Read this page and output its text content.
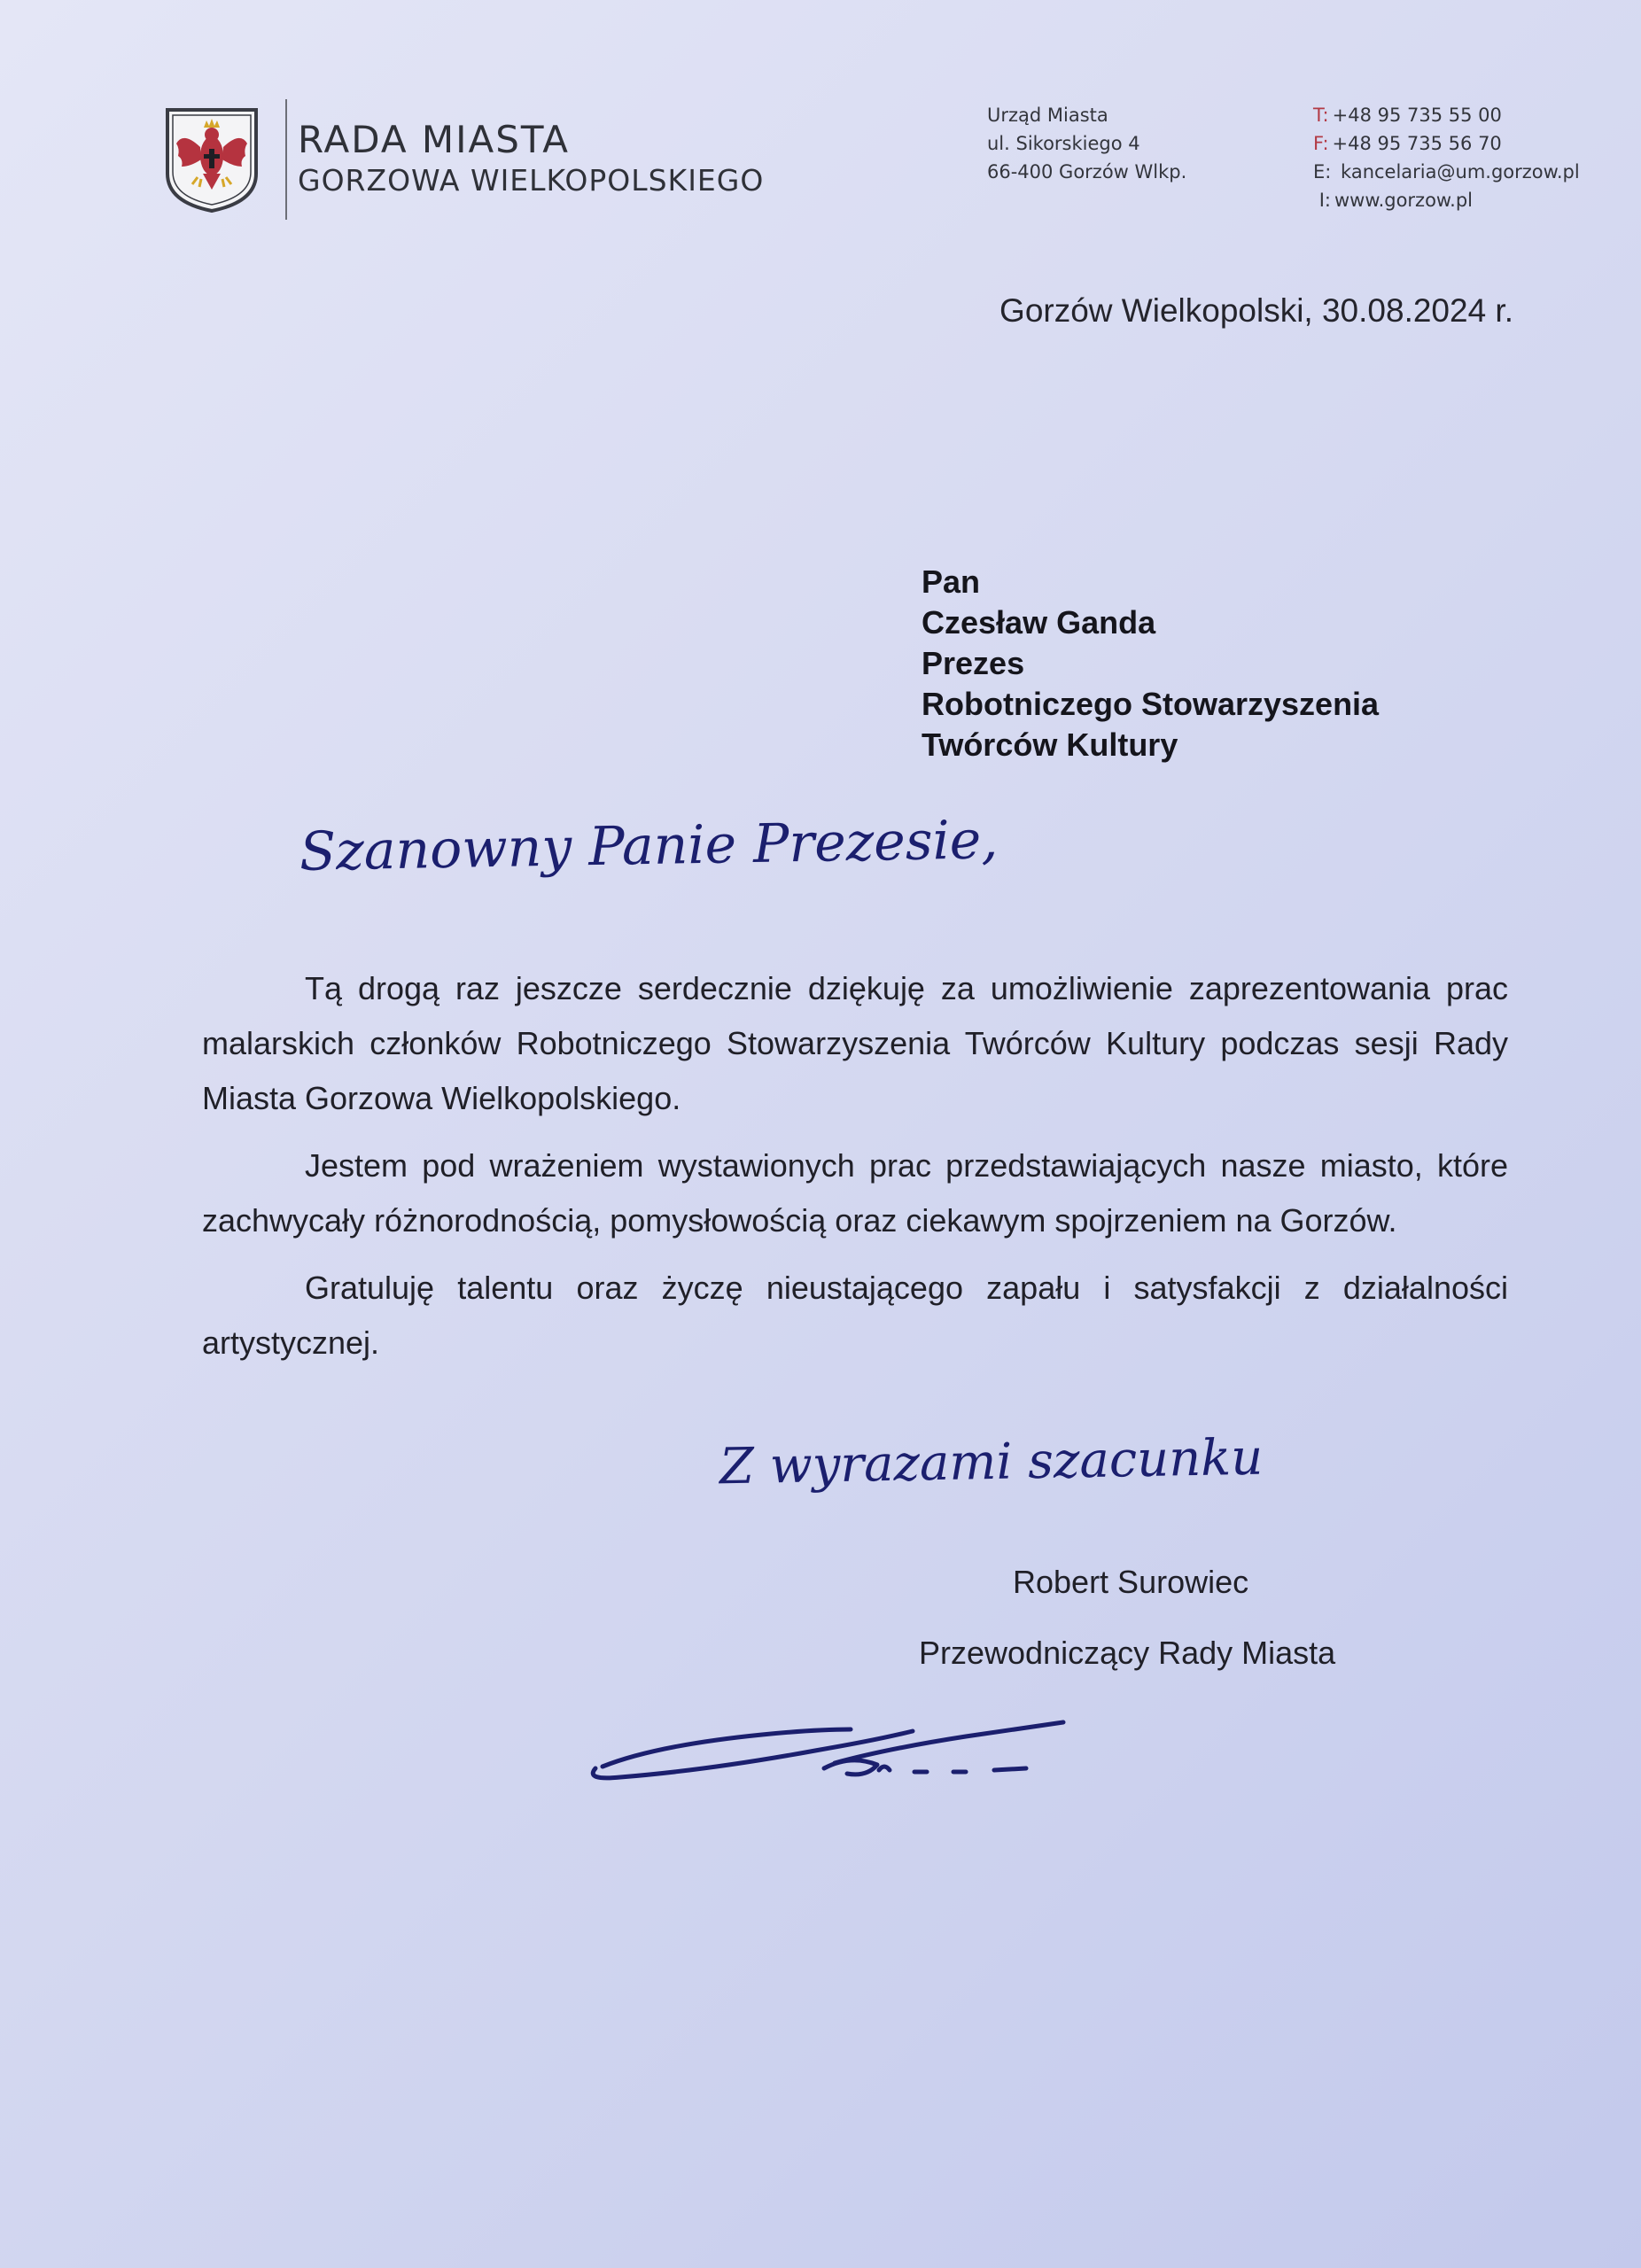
RADA MIASTA
GORZOWA WIELKOPOLSKIEGO
Urząd Miasta
ul. Sikorskiego 4
66-400 Gorzów Wlkp.
T: +48 95 735 55 00
F: +48 95 735 56 70
E: kancelaria@um.gorzow.pl
I: www.gorzow.pl
Gorzów Wielkopolski, 30.08.2024 r.
Pan
Czesław Ganda
Prezes
Robotniczego Stowarzyszenia
Twórców Kultury
Szanowny Panie Prezesie,

Tą drogą raz jeszcze serdecznie dziękuję za umożliwienie zaprezentowania prac malarskich członków Robotniczego Stowarzyszenia Twórców Kultury podczas sesji Rady Miasta Gorzowa Wielkopolskiego.

Jestem pod wrażeniem wystawionych prac przedstawiających nasze miasto, które zachwycały różnorodnością, pomysłowością oraz ciekawym spojrzeniem na Gorzów.

Gratuluję talentu oraz życzę nieustającego zapału i satysfakcji z działalności artystycznej.

Z wyrazami szacunku
Robert Surowiec
Przewodniczący Rady Miasta
